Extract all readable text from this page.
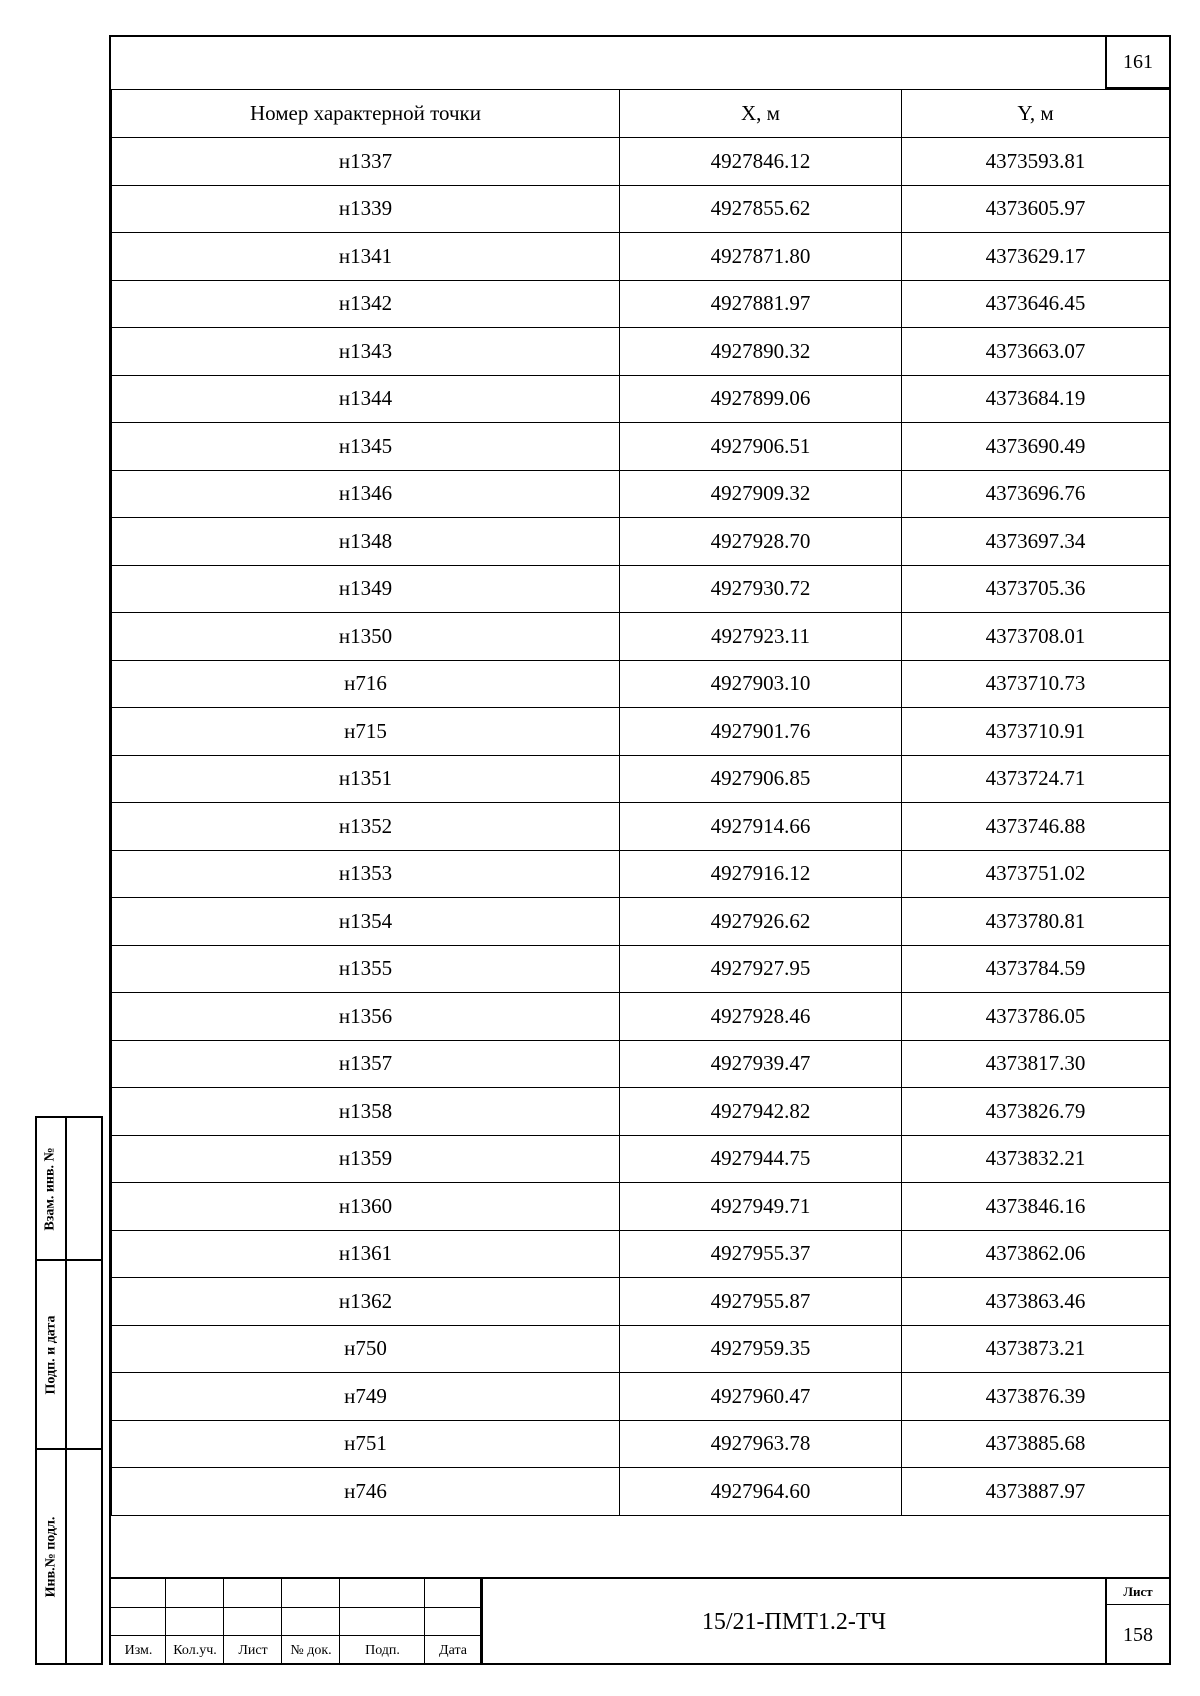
161
Номер характерной точки	X, м	Y, м
н1337	4927846.12	4373593.81
н1339	4927855.62	4373605.97
н1341	4927871.80	4373629.17
н1342	4927881.97	4373646.45
н1343	4927890.32	4373663.07
н1344	4927899.06	4373684.19
н1345	4927906.51	4373690.49
н1346	4927909.32	4373696.76
н1348	4927928.70	4373697.34
н1349	4927930.72	4373705.36
н1350	4927923.11	4373708.01
н716	4927903.10	4373710.73
н715	4927901.76	4373710.91
н1351	4927906.85	4373724.71
н1352	4927914.66	4373746.88
н1353	4927916.12	4373751.02
н1354	4927926.62	4373780.81
н1355	4927927.95	4373784.59
н1356	4927928.46	4373786.05
н1357	4927939.47	4373817.30
н1358	4927942.82	4373826.79
н1359	4927944.75	4373832.21
н1360	4927949.71	4373846.16
н1361	4927955.37	4373862.06
н1362	4927955.87	4373863.46
н750	4927959.35	4373873.21
н749	4927960.47	4373876.39
н751	4927963.78	4373885.68
н746	4927964.60	4373887.97
Взам. инв. №
Подп. и дата
Инв.№ подл.
Изм.	Кол.уч.	Лист	№ док.	Подп.	Дата
15/21-ПМТ1.2-ТЧ
Лист
158
